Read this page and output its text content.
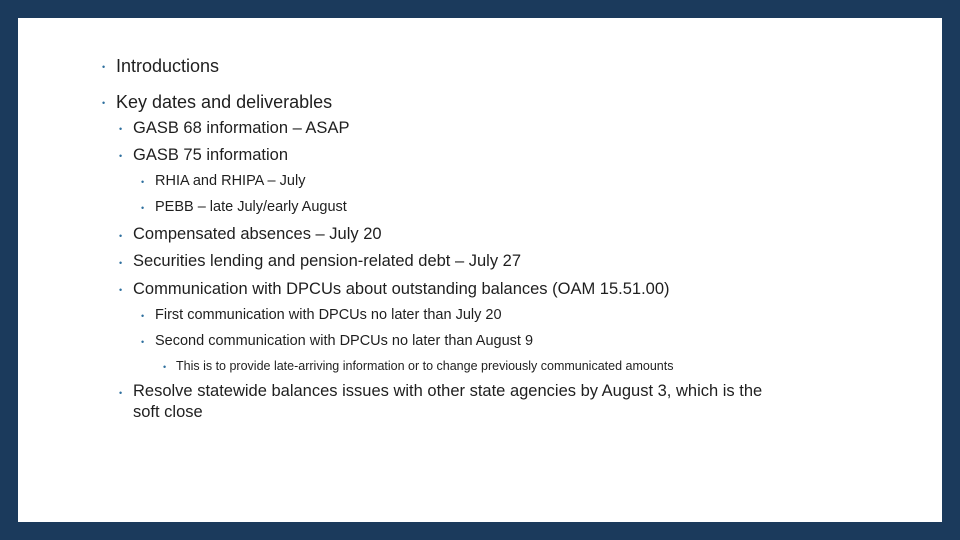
• Introductions
• Key dates and deliverables
• GASB 68 information – ASAP
• GASB 75 information
• RHIA and RHIPA – July
• PEBB – late July/early August
• Compensated absences – July 20
• Securities lending and pension-related debt – July 27
• Communication with DPCUs about outstanding balances (OAM 15.51.00)
• First communication with DPCUs no later than July 20
• Second communication with DPCUs no later than August 9
• This is to provide late-arriving information or to change previously communicated amounts
• Resolve statewide balances issues with other state agencies by August 3, which is the
soft close
